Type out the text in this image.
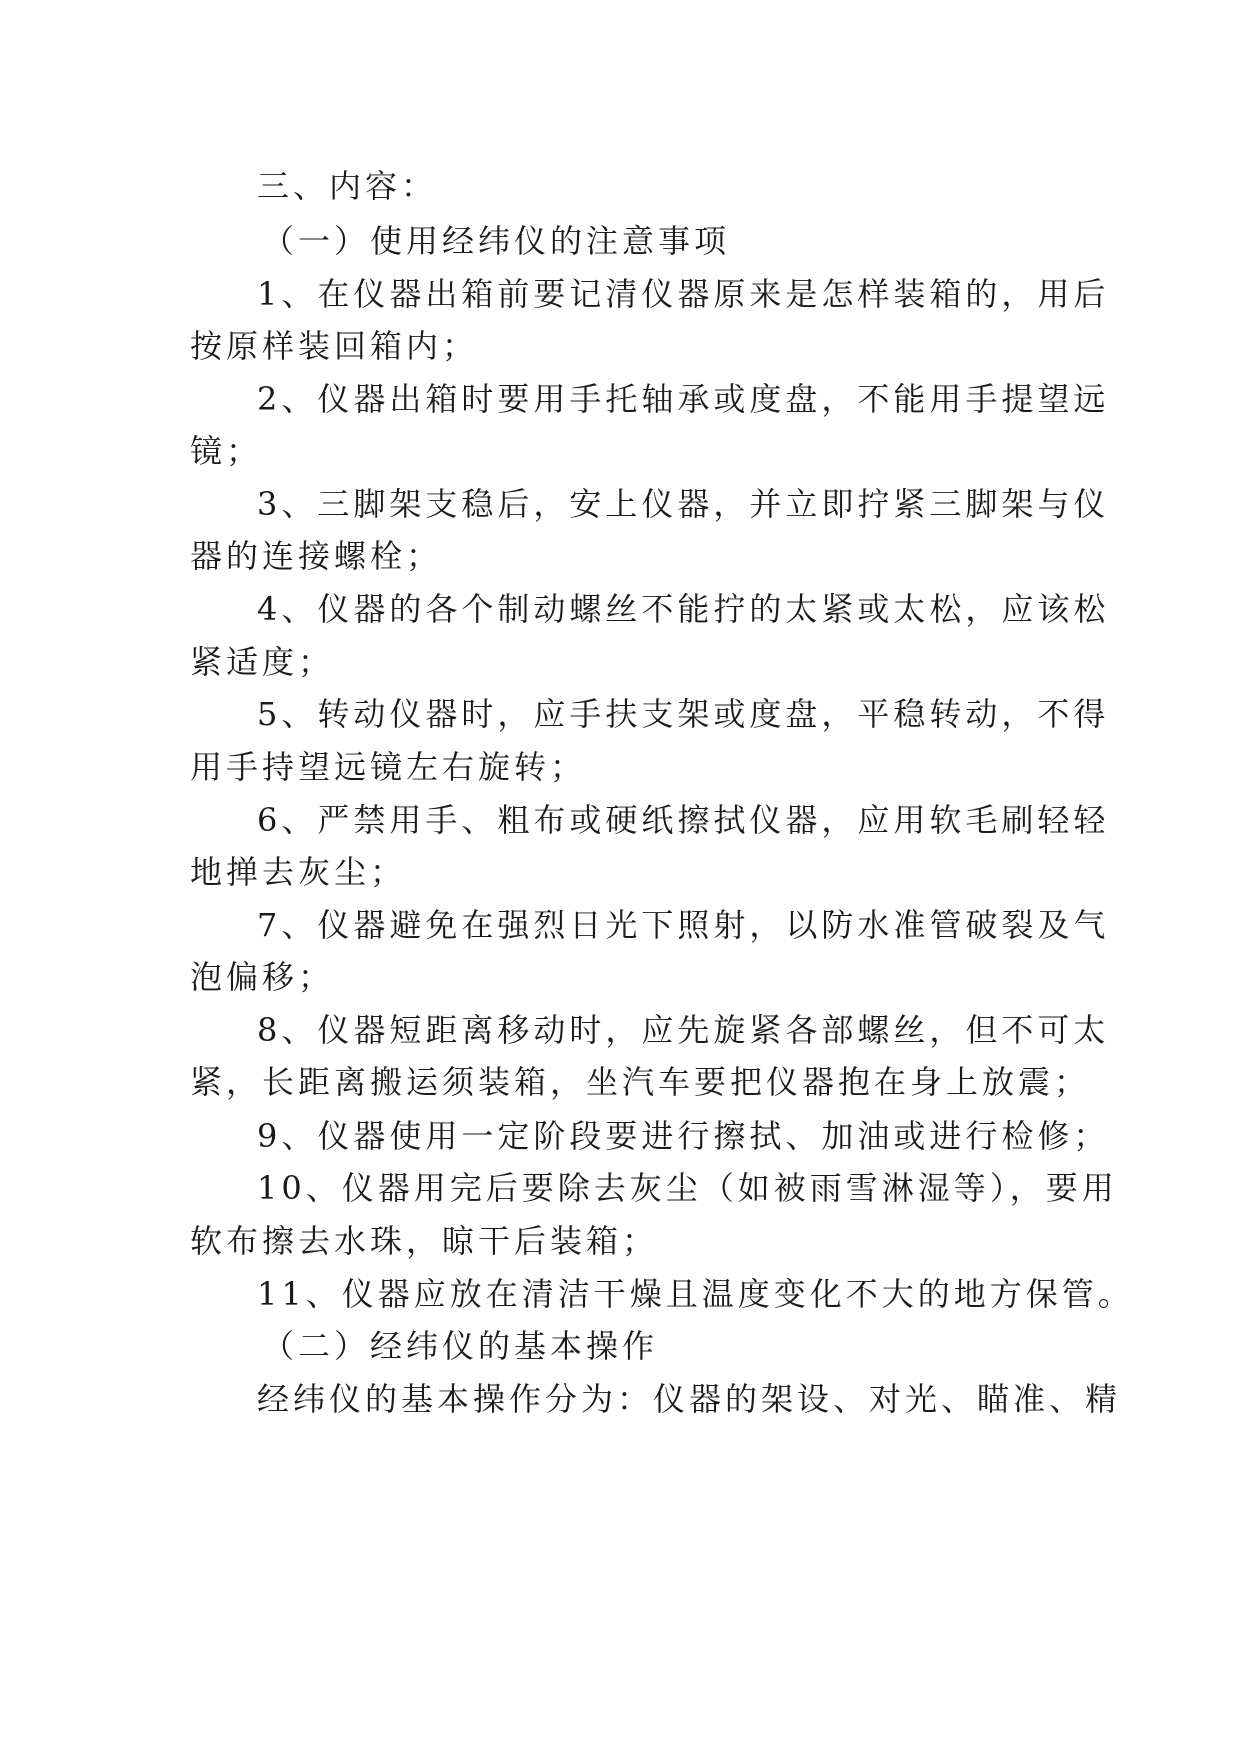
三、内容：
（一）使用经纬仪的注意事项
1、在仪器出箱前要记清仪器原来是怎样装箱的，用后
按原样装回箱内；
2、仪器出箱时要用手托轴承或度盘，不能用手提望远
镜；
3、三脚架支稳后，安上仪器，并立即拧紧三脚架与仪
器的连接螺栓；
4、仪器的各个制动螺丝不能拧的太紧或太松，应该松
紧适度；
5、转动仪器时，应手扶支架或度盘，平稳转动，不得
用手持望远镜左右旋转；
6、严禁用手、粗布或硬纸擦拭仪器，应用软毛刷轻轻
地掸去灰尘；
7、仪器避免在强烈日光下照射，以防水准管破裂及气
泡偏移；
8、仪器短距离移动时，应先旋紧各部螺丝，但不可太
紧，长距离搬运须装箱，坐汽车要把仪器抱在身上放震；
9、仪器使用一定阶段要进行擦拭、加油或进行检修；
10、仪器用完后要除去灰尘（如被雨雪淋湿等），要用
软布擦去水珠，晾干后装箱；
11、仪器应放在清洁干燥且温度变化不大的地方保管。
（二）经纬仪的基本操作
经纬仪的基本操作分为：仪器的架设、对光、瞄准、精
